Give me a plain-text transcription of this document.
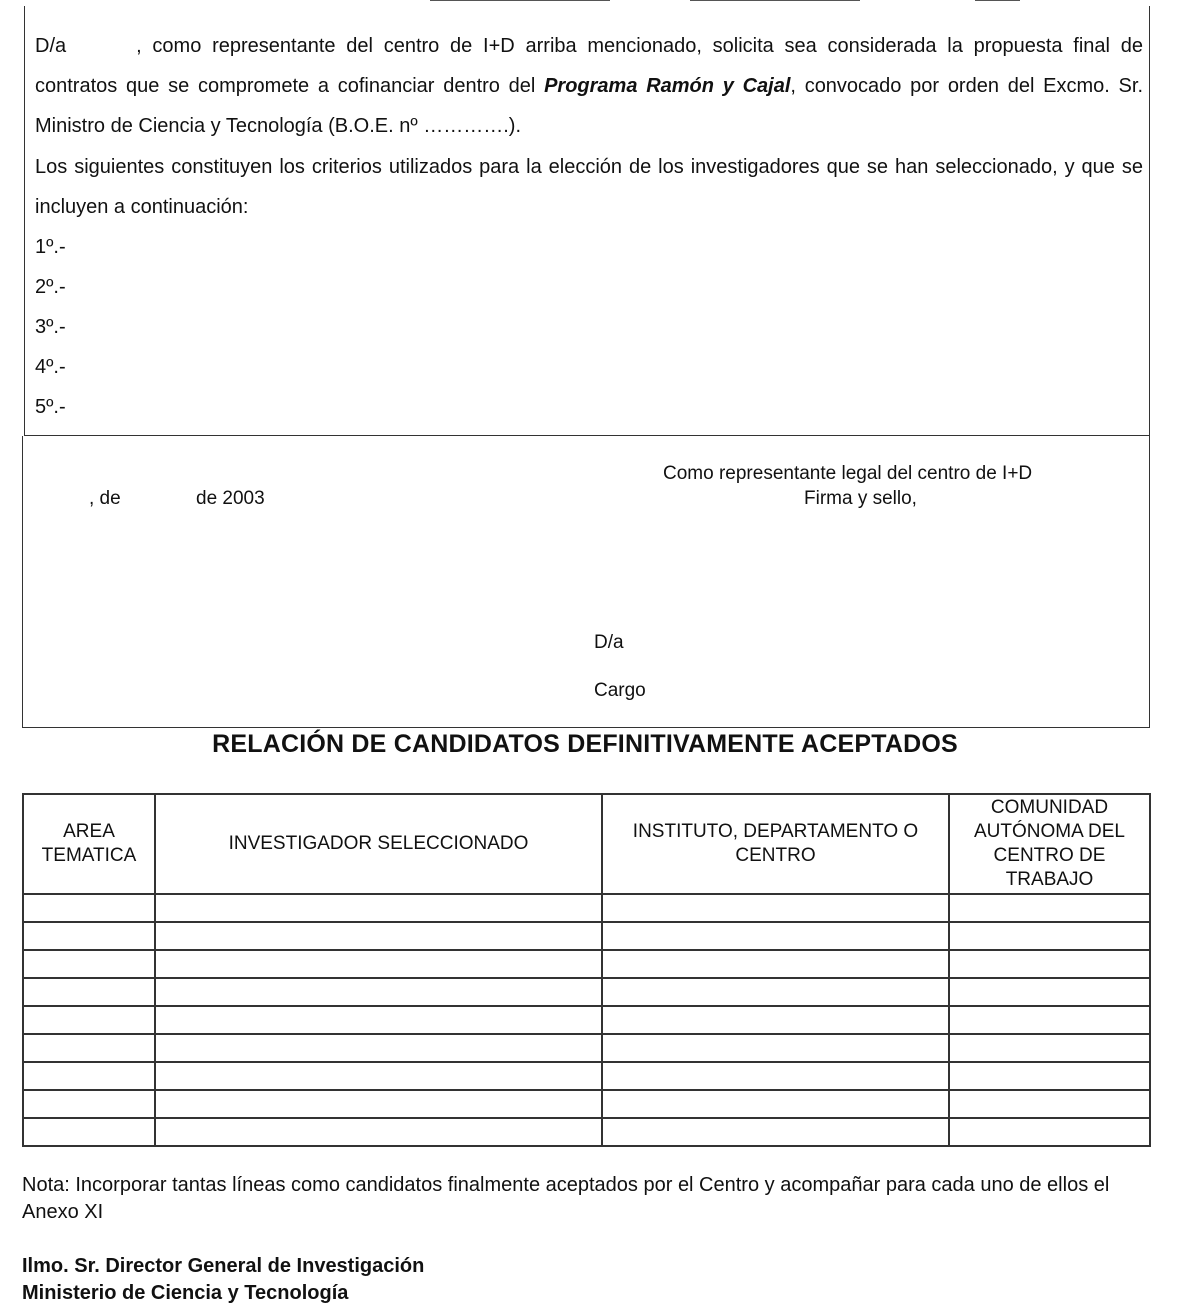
D/a	, como representante del centro de I+D arriba mencionado, solicita sea considerada la propuesta final de contratos que se compromete a cofinanciar dentro del Programa Ramón y Cajal, convocado por orden del Excmo. Sr. Ministro de Ciencia y Tecnología (B.O.E. nº ………….).
Los siguientes constituyen los criterios utilizados para la elección de los investigadores que se han seleccionado, y que se incluyen a continuación:
1º.-
2º.-
3º.-
4º.-
5º.-
, de	de 2003
Como representante legal del centro de I+D
Firma y sello,
D/a
Cargo
RELACIÓN DE CANDIDATOS DEFINITIVAMENTE ACEPTADOS
AREA TEMATICA	INVESTIGADOR SELECCIONADO	INSTITUTO, DEPARTAMENTO O CENTRO	COMUNIDAD AUTÓNOMA DEL CENTRO DE TRABAJO

Nota: Incorporar tantas líneas como candidatos finalmente aceptados por el Centro y acompañar para cada uno de ellos el Anexo XI
Ilmo. Sr. Director General de Investigación
Ministerio de Ciencia y Tecnología
